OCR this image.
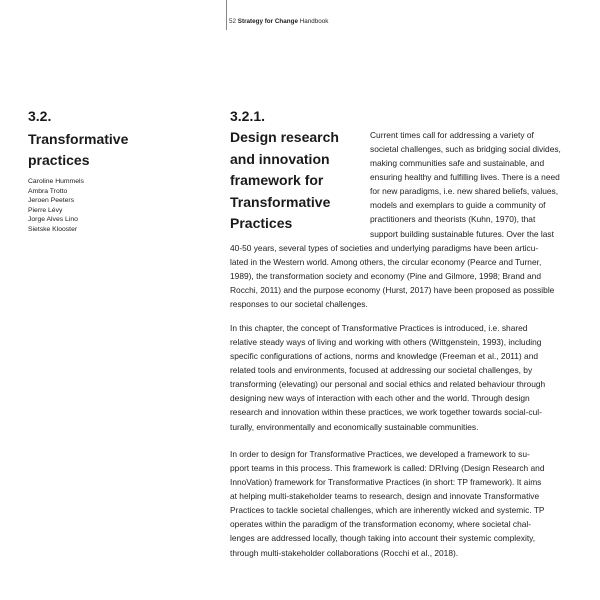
52 Strategy for Change Handbook
3.2.
Transformative
practices
Caroline Hummels
Ambra Trotto
Jeroen Peeters
Pierre Lévy
Jorge Alves Lino
Sietske Klooster
3.2.1.
Design research
and innovation
framework for
Transformative
Practices
Current times call for addressing a variety of
societal challenges, such as bridging social divides,
making communities safe and sustainable, and
ensuring healthy and fulfilling lives. There is a need
for new paradigms, i.e. new shared beliefs, values,
models and exemplars to guide a community of
practitioners and theorists (Kuhn, 1970), that
support building sustainable futures. Over the last
40-50 years, several types of societies and underlying paradigms have been articu-
lated in the Western world. Among others, the circular economy (Pearce and Turner,
1989), the transformation society and economy (Pine and Gilmore, 1998; Brand and
Rocchi, 2011) and the purpose economy (Hurst, 2017) have been proposed as possible
responses to our societal challenges.
In this chapter, the concept of Transformative Practices is introduced, i.e. shared
relative steady ways of living and working with others (Wittgenstein, 1993), including
specific configurations of actions, norms and knowledge (Freeman et al., 2011) and
related tools and environments, focused at addressing our societal challenges, by
transforming (elevating) our personal and social ethics and related behaviour through
designing new ways of interaction with each other and the world. Through design
research and innovation within these practices, we work together towards social-cul-
turally, environmentally and economically sustainable communities.
In order to design for Transformative Practices, we developed a framework to su-
pport teams in this process. This framework is called: DRIving (Design Research and
InnoVation) framework for Transformative Practices (in short: TP framework). It aims
at helping multi-stakeholder teams to research, design and innovate Transformative
Practices to tackle societal challenges, which are inherently wicked and systemic. TP
operates within the paradigm of the transformation economy, where societal chal-
lenges are addressed locally, though taking into account their systemic complexity,
through multi-stakeholder collaborations (Rocchi et al., 2018).
